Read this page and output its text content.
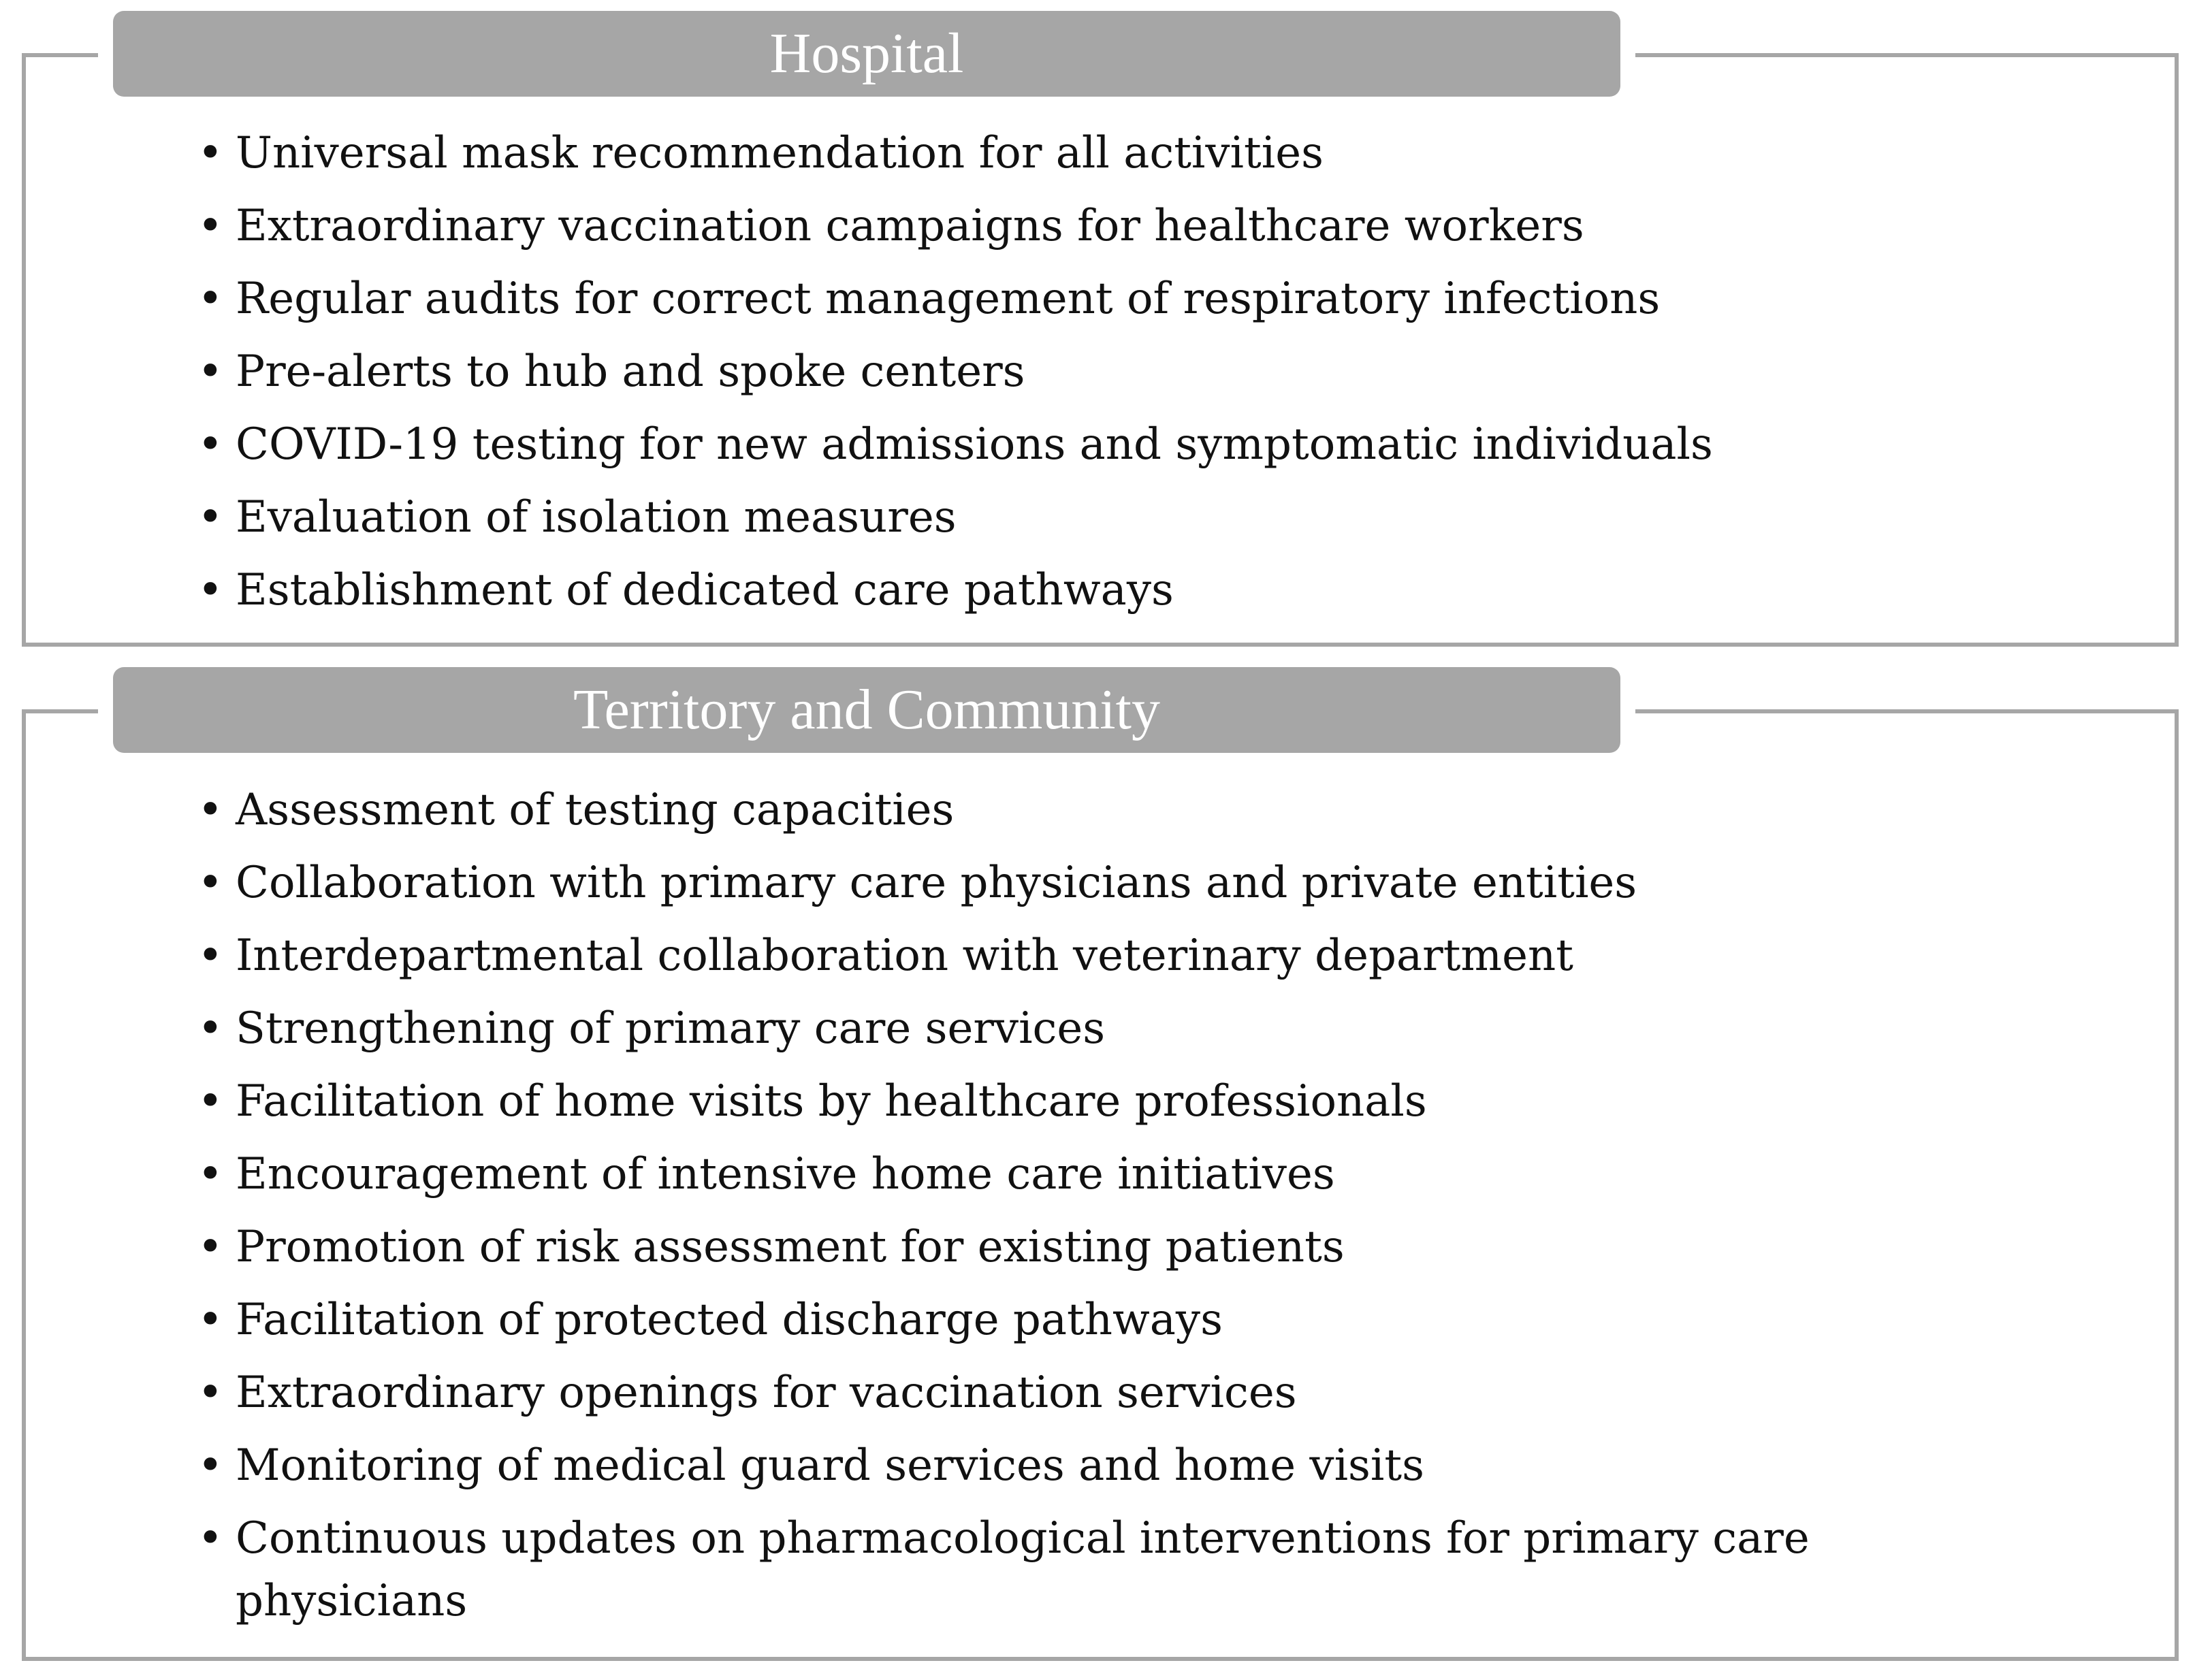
Hospital
• Universal mask recommendation for all activities
• Extraordinary vaccination campaigns for healthcare workers
• Regular audits for correct management of respiratory infections
• Pre-alerts to hub and spoke centers
• COVID-19 testing for new admissions and symptomatic individuals
• Evaluation of isolation measures
• Establishment of dedicated care pathways
Territory and Community
• Assessment of testing capacities
• Collaboration with primary care physicians and private entities
• Interdepartmental collaboration with veterinary department
• Strengthening of primary care services
• Facilitation of home visits by healthcare professionals
• Encouragement of intensive home care initiatives
• Promotion of risk assessment for existing patients
• Facilitation of protected discharge pathways
• Extraordinary openings for vaccination services
• Monitoring of medical guard services and home visits
• Continuous updates on pharmacological interventions for primary care physicians
